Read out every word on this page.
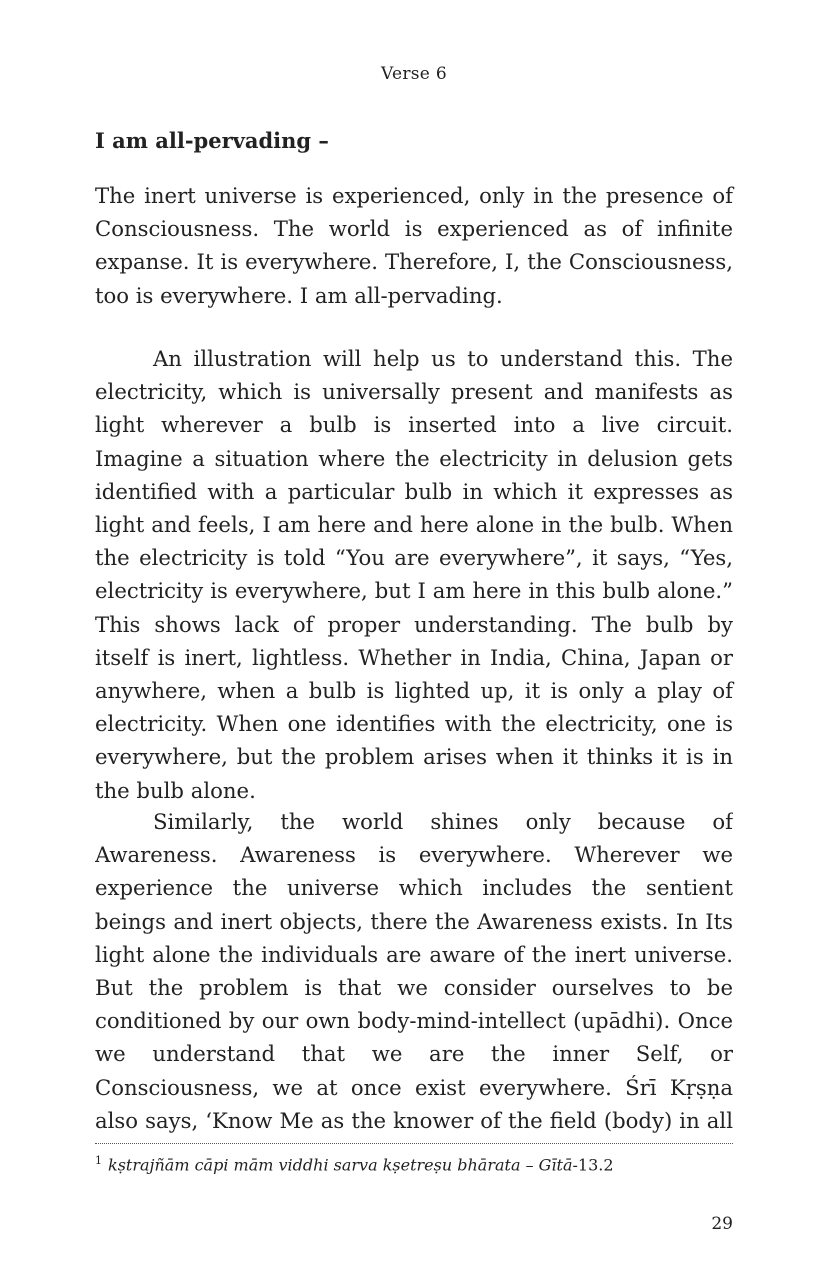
Verse 6
I am all-pervading –

The inert universe is experienced, only in the presence of Consciousness. The world is experienced as of infinite expanse. It is everywhere. Therefore, I, the Consciousness, too is everywhere. I am all-pervading.

An illustration will help us to understand this. The electricity, which is universally present and manifests as light wherever a bulb is inserted into a live circuit. Imagine a situation where the electricity in delusion gets identified with a particular bulb in which it expresses as light and feels, I am here and here alone in the bulb. When the electricity is told “You are everywhere”, it says, “Yes, electricity is everywhere, but I am here in this bulb alone.” This shows lack of proper understanding. The bulb by itself is inert, lightless. Whether in India, China, Japan or anywhere, when a bulb is lighted up, it is only a play of electricity. When one identifies with the electricity, one is everywhere, but the problem arises when it thinks it is in the bulb alone.

Similarly, the world shines only because of Awareness. Awareness is everywhere. Wherever we experience the universe which includes the sentient beings and inert objects, there the Awareness exists. In Its light alone the individuals are aware of the inert universe. But the problem is that we consider ourselves to be conditioned by our own body-mind-intellect (upādhi). Once we understand that we are the inner Self, or Consciousness, we at once exist everywhere. Śrī Kṛṣṇa also says, ‘Know Me as the knower of the field (body) in all

$^1$ kṣtrajñām cāpi mām viddhi sarva kṣetreṣu bhārata – Gītā-13.2
29
